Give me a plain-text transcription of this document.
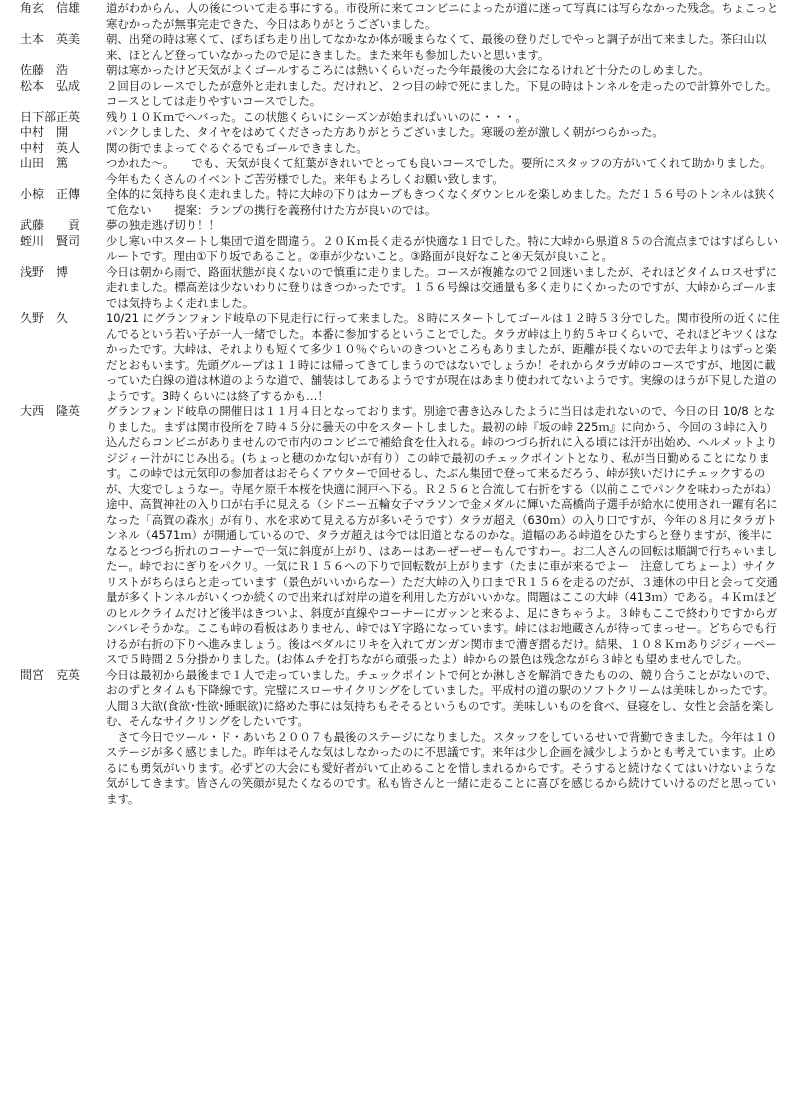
角玄　信雄	道がわからん、人の後について走る事にする。市役所に来てコンビニによったが道に迷って写真には写らなかった残念。ちょこっと寒むかったが無事完走できた、今日はありがとうございました。
土本　英美	朝、出発の時は寒くて、ぼちぼち走り出してなかなか体が暖まらなくて、最後の登りだしでやっと調子が出て来ました。茶臼山以来、ほとんど登っていなかったので足にきました。また来年も参加したいと思います。
佐藤　浩	朝は寒かったけど天気がよくゴールするころには熱いくらいだった今年最後の大会になるけれど十分たのしめました。
松本　弘成	２回目のレースでしたが意外と走れました。だけれど、２つ目の峠で死にました。下見の時はトンネルを走ったので計算外でした。コースとしては走りやすいコースでした。
日下部正英	残り１０Ｋｍでへバった。この状態くらいにシーズンが始まればいいのに・・・。
中村　開	パンクしました、タイヤをはめてくださった方ありがとうございました。寒暖の差が激しく朝がつらかった。
中村　英人	関の街でまよってぐるぐるでもゴールできました。
山田　篤	つかれた～。　　でも、天気が良くて紅葉がきれいでとっても良いコースでした。要所にスタッフの方がいてくれて助かりました。今年もたくさんのイベントご苦労様でした。来年もよろしくお願い致します。
小椋　正傳	全体的に気持ち良く走れました。特に大峠の下りはカーブもきつくなくダウンヒルを楽しめました。ただ１５６号のトンネルは狭くて危ない　　提案：ランプの携行を義務付けた方が良いのでは。
武藤　　貢	夢の独走逃げ切り！！
蛭川　賢司	少し寒い中スタートし集団で道を間違う。２０Ｋｍ長く走るが快適な１日でした。特に大峠から県道８５の合流点まではすばらしいルートです。理由①下り坂であること。②車が少ないこと。③路面が良好なこと④天気が良いこと。
浅野　博	今日は朝から雨で、路面状態が良くないので慎重に走りました。コースが複雑なので２回迷いましたが、それほどタイムロスせずに走れました。標高差は少ないわりに登りはきつかったです。１５６号線は交通量も多く走りにくかったのですが、大峠からゴールまでは気持ちよく走れました。
久野　久	10/21 にグランフォンド岐阜の下見走行に行って来ました。８時にスタートしてゴールは１２時５３分でした。関市役所の近くに住んでるという若い子が一人一緒でした。本番に参加するということでした。タラガ峠は上り約５キロくらいで、それほどキツくはなかったです。大峠は、それよりも短くて多少１０％ぐらいのきついところもありましたが、距離が長くないので去年よりはずっと楽だとおもいます。先頭グループは１１時には帰ってきてしまうのではないでしょうか！それからタラガ峠のコースですが、地図に載っていた白線の道は林道のような道で、舗装はしてあるようですが現在はあまり使われてないようです。実線のほうが下見した道のようです。3時くらいには終了するかも…！
大西　隆英	グランフォンド岐阜の開催日は１１月４日となっております。別途で書き込みしたように当日は走れないので、今日の日 10/8 となりました。まずは関市役所を７時４５分に曇天の中をスタートしました。最初の峠『坂の峠 225ｍ』に向かう、今回の３峠に入り込んだらコンビニがありませんので市内のコンビニで補給食を仕入れる。峠のつづら折れに入る頃には汗が出始め、ヘルメットよりジジィー汁がにじみ出る。(ちょっと穂のかな匂いが有り）この峠で最初のチェックポイントとなり、私が当日勤めることになります。この峠では元気印の参加者はおそらくアウターで回せるし、たぶん集団で登って来るだろう、峠が狭いだけにチェックするのが、大変でしょうなー。寺尾ケ原千本桜を快適に洞戸へ下る。Ｒ２５６と合流して右折をする（以前ここでパンクを味わったがね）途中、高賀神社の入り口が右手に見える（シドニー五輪女子マラソンで金メダルに輝いた高橋尚子選手が給水に使用され一躍有名になった「高賀の森水」が有り、水を求めて見える方が多いそうです）タラガ超え（630ｍ）の入り口ですが、今年の８月にタラガトンネル（4571ｍ）が開通しているので、タラガ超えは今では旧道となるのかな。道幅のある峠道をひたすらと登りますが、後半になるとつづら折れのコーナーで一気に斜度が上がり、はあーはあーぜーぜーもんですわー。お二人さんの回転は順調で行ちゃいましたー。峠でおにぎりをパクリ。一気にＲ１５６への下りで回転数が上がります（たまに車が来るでよー　注意してちょーよ）サイクリストがちらほらと走っています（景色がいいからなー）ただ大峠の入り口までＲ１５６を走るのだが、３連休の中日と会って交通量が多くトンネルがいくつか続くので出来れば対岸の道を利用した方がいいかな。問題はここの大峠（413ｍ）である。４Ｋｍほどのヒルクライムだけど後半はきついよ、斜度が直線やコーナーにガッンと来るよ、足にきちゃうよ。３峠もここで終わりですからガンバレそうかな。ここも峠の看板はありません、峠ではＹ字路になっています。峠にはお地蔵さんが待ってまっせー。どちらでも行けるが右折の下りへ進みましょう。後はペダルにリキを入れてガンガン関市まで漕ぎ摺るだけ。結果、１０８Ｋｍありジジィーペースで５時間２５分掛かりました。(お体ムチを打ちながら頑張ったよ）峠からの景色は残念ながら３峠とも望めませんでした。
間宮　克英	今日は最初から最後まで１人で走っていました。チェックポイントで何とか淋しさを解消できたものの、競り合うことがないので、おのずとタイムも下降線です。完璧にスローサイクリングをしていました。平成村の道の駅のソフトクリームは美味しかったです。人間３大欲(食欲･性欲･睡眠欲)に絡めた事には気持ちもそそるというものです。美味しいものを食べ、昼寝をし、女性と会話を楽しむ、そんなサイクリングをしたいです。
さて今日でツール・ド・あいち２００７も最後のステージになりました。スタッフをしているせいで背勤できました。今年は１０ステージが多く感じました。昨年はそんな気はしなかったのに不思議です。来年は少し企画を減少しようかとも考えています。止めるにも勇気がいります。必ずどの大会にも愛好者がいて止めることを惜しまれるからです。そうすると続けなくてはいけないような気がしてきます。皆さんの笑顔が見たくなるのです。私も皆さんと一緒に走ることに喜びを感じるから続けていけるのだと思っています。
